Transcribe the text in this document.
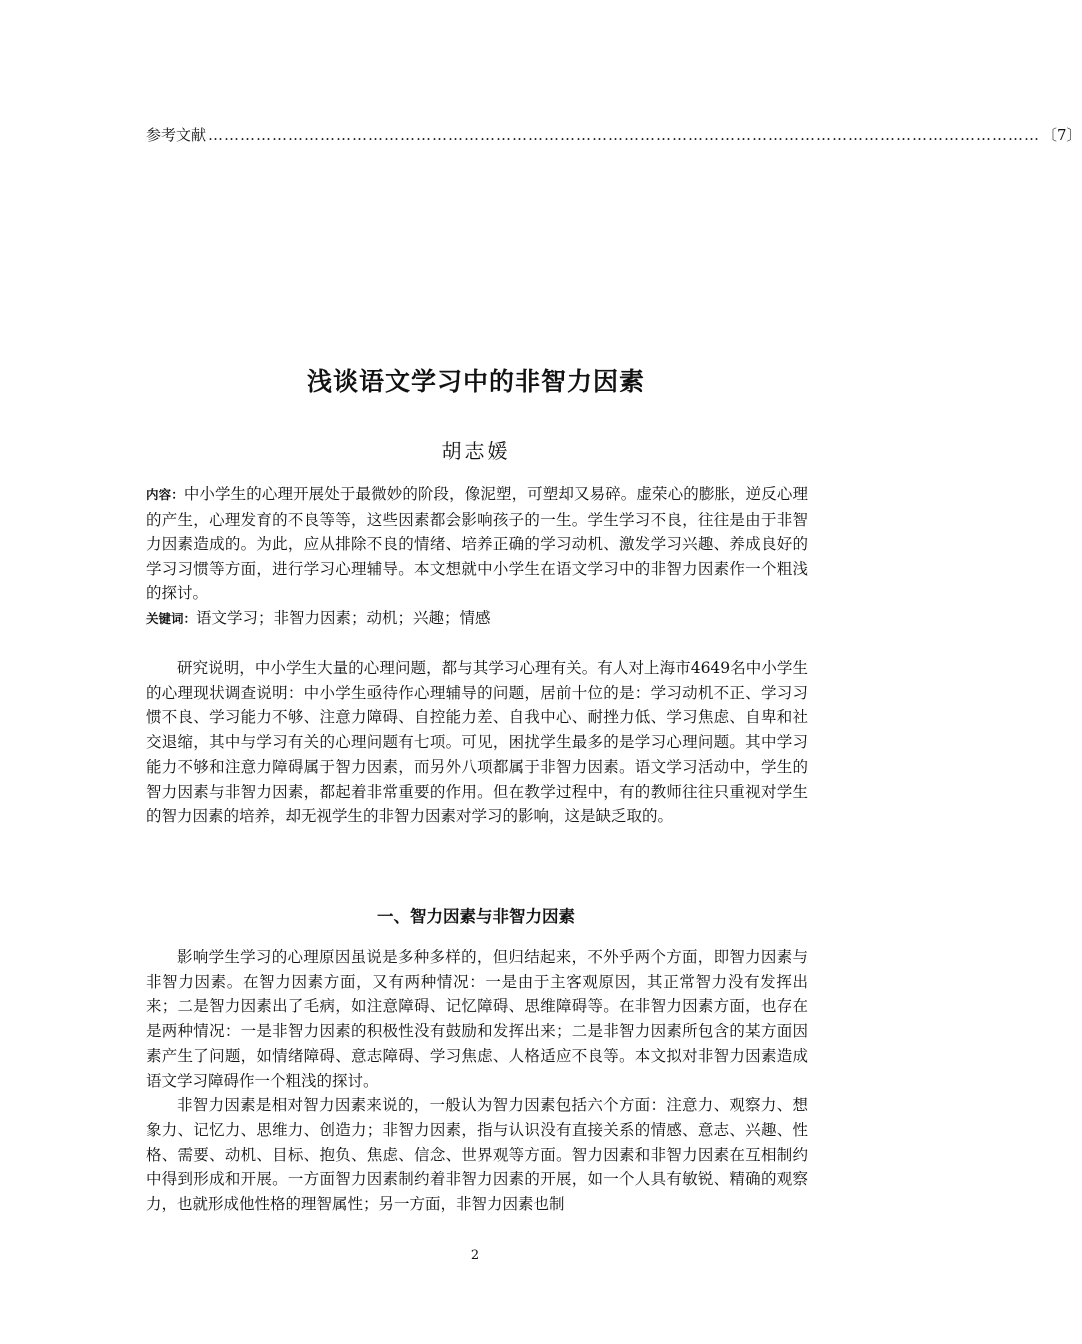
参考文献 ………………………………………………………………………………………………………………………………………… 〔7〕
浅谈语文学习中的非智力因素
胡志媛
内容：中小学生的心理开展处于最微妙的阶段，像泥塑，可塑却又易碎。虚荣心的膨胀，逆反心理的产生，心理发育的不良等等，这些因素都会影响孩子的一生。学生学习不良，往往是由于非智力因素造成的。为此，应从排除不良的情绪、培养正确的学习动机、激发学习兴趣、养成良好的学习习惯等方面，进行学习心理辅导。本文想就中小学生在语文学习中的非智力因素作一个粗浅的探讨。
关键词：语文学习；非智力因素；动机；兴趣；情感

研究说明，中小学生大量的心理问题，都与其学习心理有关。有人对上海市4649名中小学生的心理现状调查说明：中小学生亟待作心理辅导的问题，居前十位的是：学习动机不正、学习习惯不良、学习能力不够、注意力障碍、自控能力差、自我中心、耐挫力低、学习焦虑、自卑和社交退缩，其中与学习有关的心理问题有七项。可见，困扰学生最多的是学习心理问题。其中学习能力不够和注意力障碍属于智力因素，而另外八项都属于非智力因素。语文学习活动中，学生的智力因素与非智力因素，都起着非常重要的作用。但在教学过程中，有的教师往往只重视对学生的智力因素的培养，却无视学生的非智力因素对学习的影响，这是缺乏取的。

一、智力因素与非智力因素

影响学生学习的心理原因虽说是多种多样的，但归结起来，不外乎两个方面，即智力因素与非智力因素。在智力因素方面，又有两种情况：一是由于主客观原因，其正常智力没有发挥出来；二是智力因素出了毛病，如注意障碍、记忆障碍、思维障碍等。在非智力因素方面，也存在是两种情况：一是非智力因素的积极性没有鼓励和发挥出来；二是非智力因素所包含的某方面因素产生了问题，如情绪障碍、意志障碍、学习焦虑、人格适应不良等。本文拟对非智力因素造成语文学习障碍作一个粗浅的探讨。

非智力因素是相对智力因素来说的，一般认为智力因素包括六个方面：注意力、观察力、想象力、记忆力、思维力、创造力；非智力因素，指与认识没有直接关系的情感、意志、兴趣、性格、需要、动机、目标、抱负、焦虑、信念、世界观等方面。智力因素和非智力因素在互相制约中得到形成和开展。一方面智力因素制约着非智力因素的开展，如一个人具有敏锐、精确的观察力，也就形成他性格的理智属性；另一方面，非智力因素也制

2
